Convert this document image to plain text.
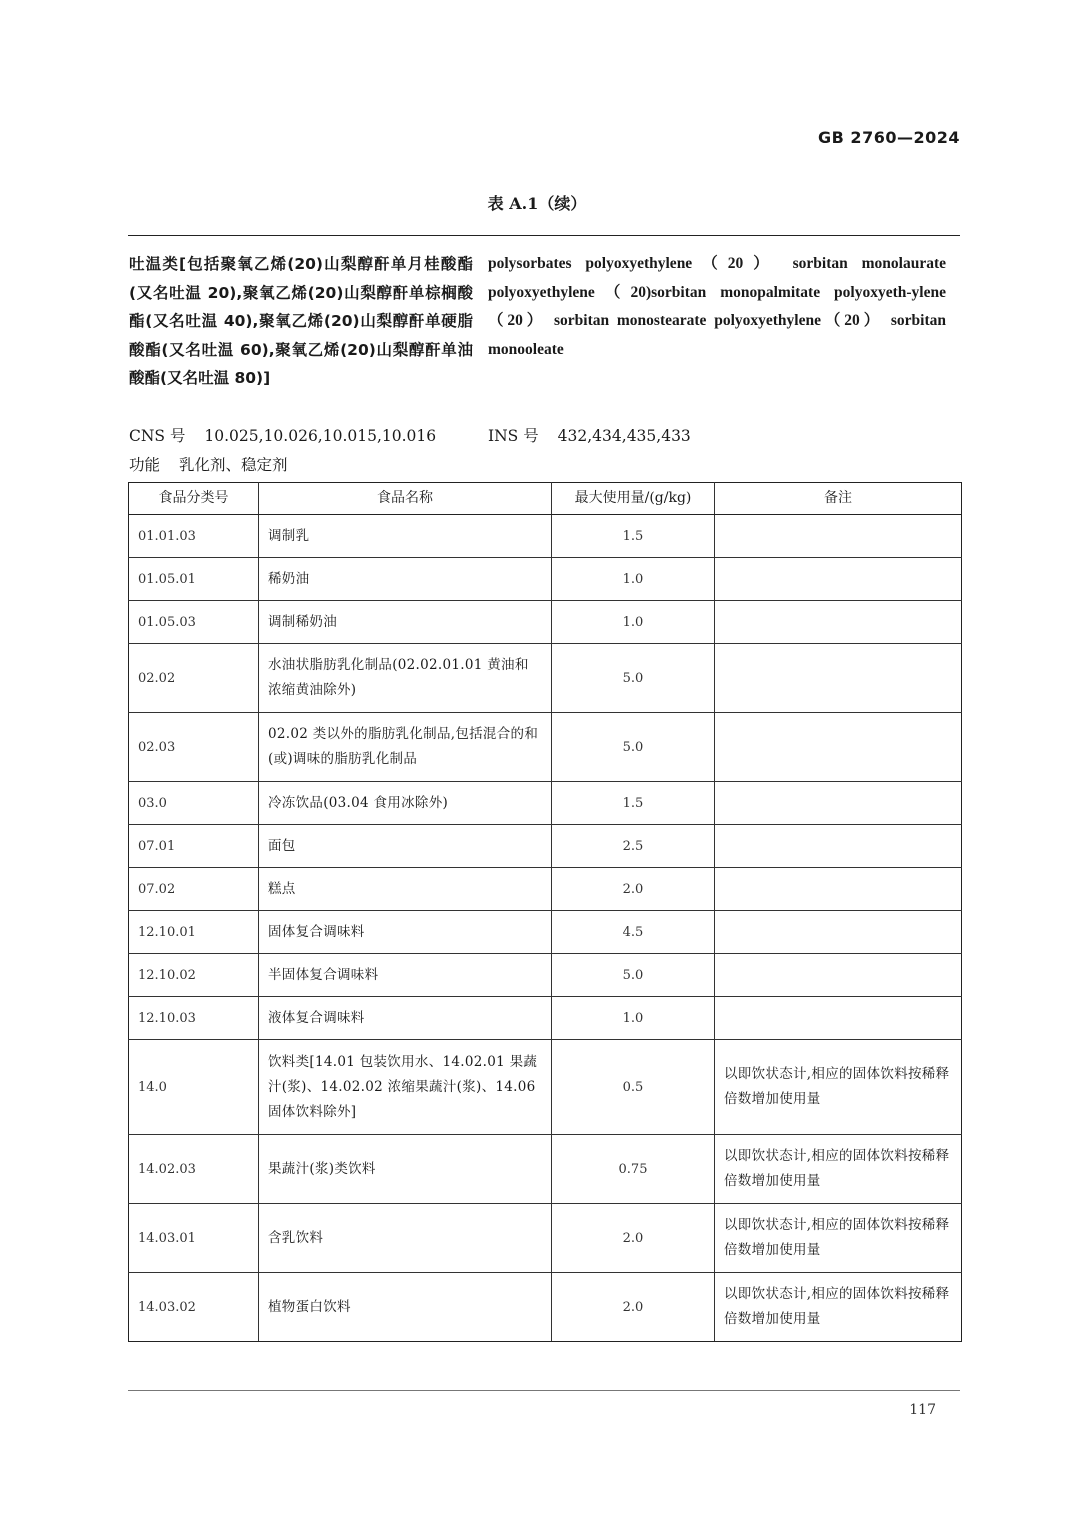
GB 2760—2024
表 A.1（续）
吐温类[包括聚氧乙烯(20)山梨醇酐单月桂酸酯(又名吐温 20),聚氧乙烯(20)山梨醇酐单棕榈酸酯(又名吐温 40),聚氧乙烯(20)山梨醇酐单硬脂酸酯(又名吐温 60),聚氧乙烯(20)山梨醇酐单油酸酯(又名吐温 80)]
polysorbates polyoxyethylene（20） sorbitan monolaurate polyoxyethylene（20)sorbitan monopalmitate polyoxyeth-ylene（20） sorbitan monostearate polyoxyethylene（20） sorbitan monooleate
CNS 号 10.025,10.026,10.015,10.016	INS 号 432,434,435,433
功能 乳化剂、稳定剂
食品分类号	食品名称	最大使用量/(g/kg)	备注
01.01.03	调制乳	1.5	
01.05.01	稀奶油	1.0	
01.05.03	调制稀奶油	1.0	
02.02	水油状脂肪乳化制品(02.02.01.01 黄油和浓缩黄油除外)	5.0	
02.03	02.02 类以外的脂肪乳化制品,包括混合的和(或)调味的脂肪乳化制品	5.0	
03.0	冷冻饮品(03.04 食用冰除外)	1.5	
07.01	面包	2.5	
07.02	糕点	2.0	
12.10.01	固体复合调味料	4.5	
12.10.02	半固体复合调味料	5.0	
12.10.03	液体复合调味料	1.0	
14.0	饮料类[14.01 包装饮用水、14.02.01 果蔬汁(浆)、14.02.02 浓缩果蔬汁(浆)、14.06 固体饮料除外]	0.5	以即饮状态计,相应的固体饮料按稀释倍数增加使用量
14.02.03	果蔬汁(浆)类饮料	0.75	以即饮状态计,相应的固体饮料按稀释倍数增加使用量
14.03.01	含乳饮料	2.0	以即饮状态计,相应的固体饮料按稀释倍数增加使用量
14.03.02	植物蛋白饮料	2.0	以即饮状态计,相应的固体饮料按稀释倍数增加使用量
117
